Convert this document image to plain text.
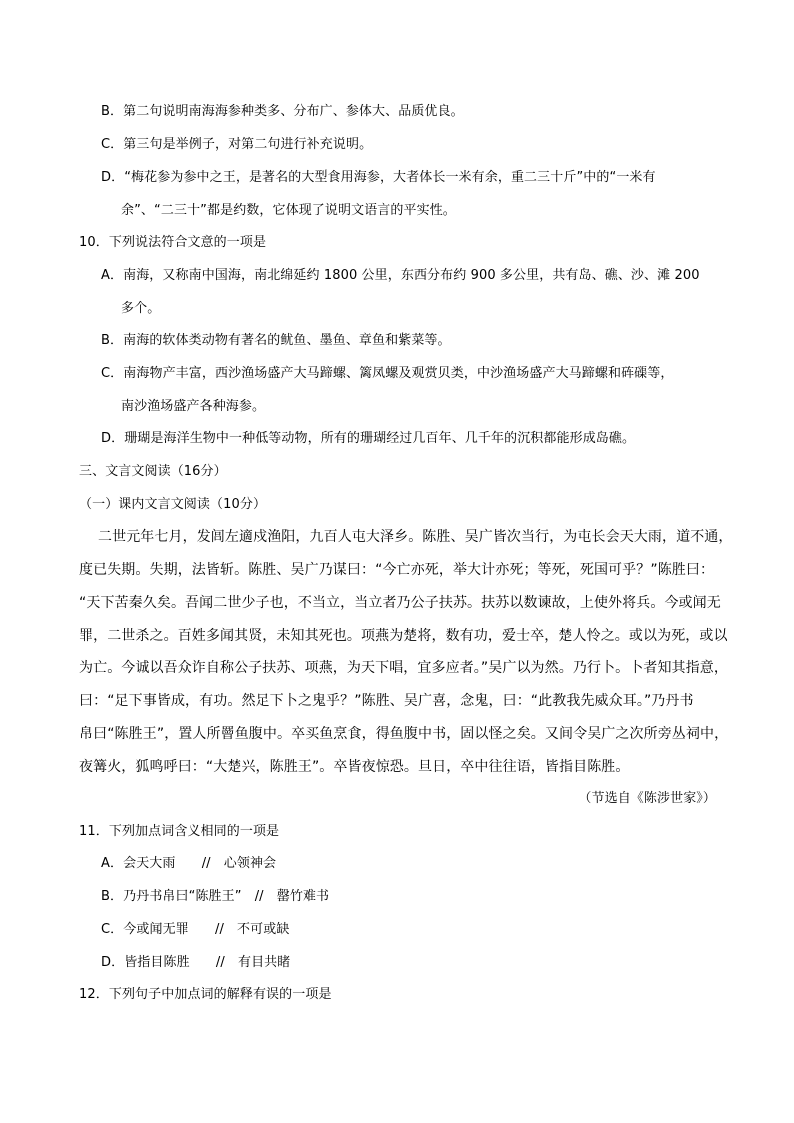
B．第二句说明南海海参种类多、分布广、参体大、品质优良。
C．第三句是举例子，对第二句进行补充说明。
D．“梅花参为参中之王，是著名的大型食用海参，大者体长一米有余，重二三十斤”中的“一米有
余”、“二三十”都是约数，它体现了说明文语言的平实性。
10．下列说法符合文意的一项是
A．南海，又称南中国海，南北绵延约 1800 公里，东西分布约 900 多公里，共有岛、礁、沙、滩 200
多个。
B．南海的软体类动物有著名的鱿鱼、墨鱼、章鱼和紫菜等。
C．南海物产丰富，西沙渔场盛产大马蹄螺、篱凤螺及观赏贝类，中沙渔场盛产大马蹄螺和砗磲等，
南沙渔场盛产各种海参。
D．珊瑚是海洋生物中一种低等动物，所有的珊瑚经过几百年、几千年的沉积都能形成岛礁。
三、文言文阅读（16分）
（一）课内文言文阅读（10分）
二世元年七月，发闾左適戍渔阳，九百人屯大泽乡。陈胜、吴广皆次当行，为屯长会天大雨，道不通，
度已失期。失期，法皆斩。陈胜、吴广乃谋曰：“今亡亦死，举大计亦死；等死，死国可乎？”陈胜曰：
“天下苦秦久矣。吾闻二世少子也，不当立，当立者乃公子扶苏。扶苏以数谏故，上使外将兵。今或闻无
罪，二世杀之。百姓多闻其贤，未知其死也。项燕为楚将，数有功，爱士卒，楚人怜之。或以为死，或以
为亡。今诚以吾众诈自称公子扶苏、项燕，为天下唱，宜多应者。”吴广以为然。乃行卜。卜者知其指意，
曰：“足下事皆成，有功。然足下卜之鬼乎？”陈胜、吴广喜，念鬼，曰：“此教我先威众耳。”乃丹书
帛曰“陈胜王”，置人所罾鱼腹中。卒买鱼烹食，得鱼腹中书，固以怪之矣。又间令吴广之次所旁丛祠中，
夜篝火，狐鸣呼曰：“大楚兴，陈胜王”。卒皆夜惊恐。旦日，卒中往往语，皆指目陈胜。
（节选自《陈涉世家》）
11．下列加点词含义相同的一项是
A．会天大雨　　//　心领神会
B．乃丹书帛曰“陈胜王”　//　罄竹难书
C．今或闻无罪　　//　不可或缺
D．皆指目陈胜　　//　有目共睹
12．下列句子中加点词的解释有误的一项是
